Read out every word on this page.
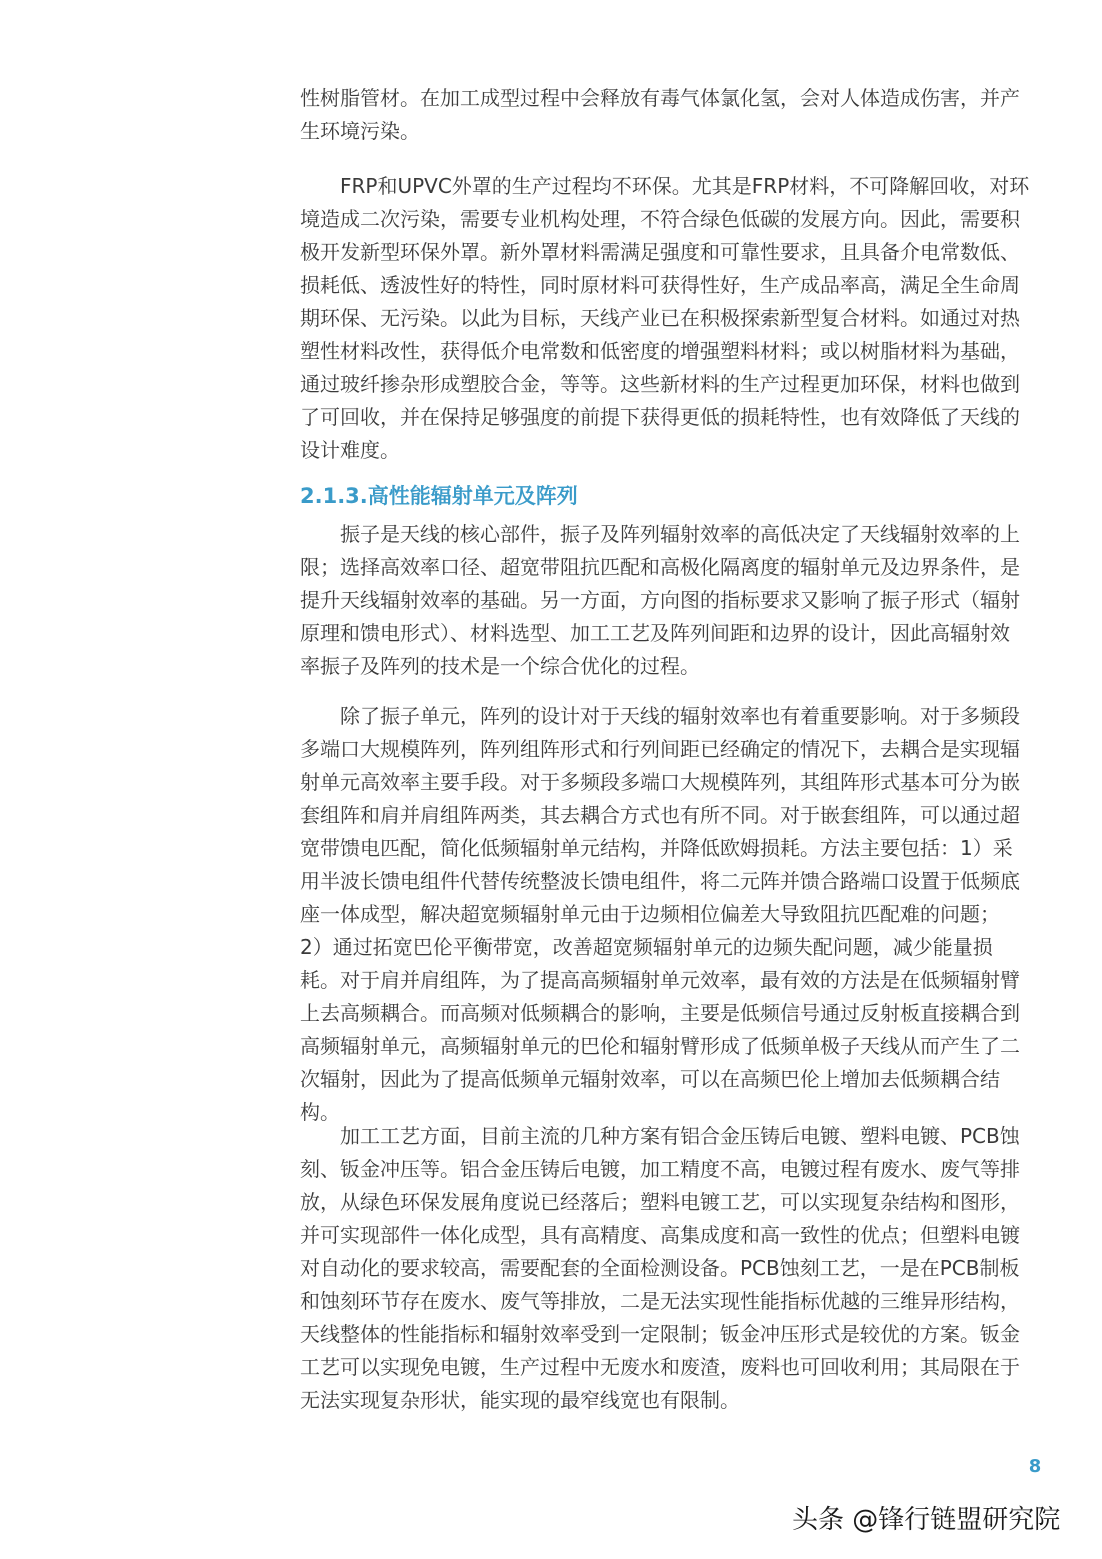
性树脂管材。在加工成型过程中会释放有毒气体氯化氢，会对人体造成伤害，并产
生环境污染。
FRP和UPVC外罩的生产过程均不环保。尤其是FRP材料，不可降解回收，对环
境造成二次污染，需要专业机构处理，不符合绿色低碳的发展方向。因此，需要积
极开发新型环保外罩。新外罩材料需满足强度和可靠性要求，且具备介电常数低、
损耗低、透波性好的特性，同时原材料可获得性好，生产成品率高，满足全生命周
期环保、无污染。以此为目标，天线产业已在积极探索新型复合材料。如通过对热
塑性材料改性，获得低介电常数和低密度的增强塑料材料；或以树脂材料为基础，
通过玻纤掺杂形成塑胶合金，等等。这些新材料的生产过程更加环保，材料也做到
了可回收，并在保持足够强度的前提下获得更低的损耗特性，也有效降低了天线的
设计难度。
2.1.3.高性能辐射单元及阵列
振子是天线的核心部件，振子及阵列辐射效率的高低决定了天线辐射效率的上
限；选择高效率口径、超宽带阻抗匹配和高极化隔离度的辐射单元及边界条件，是
提升天线辐射效率的基础。另一方面，方向图的指标要求又影响了振子形式（辐射
原理和馈电形式）、材料选型、加工工艺及阵列间距和边界的设计，因此高辐射效
率振子及阵列的技术是一个综合优化的过程。
除了振子单元，阵列的设计对于天线的辐射效率也有着重要影响。对于多频段
多端口大规模阵列，阵列组阵形式和行列间距已经确定的情况下，去耦合是实现辐
射单元高效率主要手段。对于多频段多端口大规模阵列，其组阵形式基本可分为嵌
套组阵和肩并肩组阵两类，其去耦合方式也有所不同。对于嵌套组阵，可以通过超
宽带馈电匹配，简化低频辐射单元结构，并降低欧姆损耗。方法主要包括：1）采
用半波长馈电组件代替传统整波长馈电组件，将二元阵并馈合路端口设置于低频底
座一体成型，解决超宽频辐射单元由于边频相位偏差大导致阻抗匹配难的问题；
2）通过拓宽巴伦平衡带宽，改善超宽频辐射单元的边频失配问题，减少能量损
耗。对于肩并肩组阵，为了提高高频辐射单元效率，最有效的方法是在低频辐射臂
上去高频耦合。而高频对低频耦合的影响，主要是低频信号通过反射板直接耦合到
高频辐射单元，高频辐射单元的巴伦和辐射臂形成了低频单极子天线从而产生了二
次辐射，因此为了提高低频单元辐射效率，可以在高频巴伦上增加去低频耦合结
构。
加工工艺方面，目前主流的几种方案有铝合金压铸后电镀、塑料电镀、PCB蚀
刻、钣金冲压等。铝合金压铸后电镀，加工精度不高，电镀过程有废水、废气等排
放，从绿色环保发展角度说已经落后；塑料电镀工艺，可以实现复杂结构和图形，
并可实现部件一体化成型，具有高精度、高集成度和高一致性的优点；但塑料电镀
对自动化的要求较高，需要配套的全面检测设备。PCB蚀刻工艺，一是在PCB制板
和蚀刻环节存在废水、废气等排放，二是无法实现性能指标优越的三维异形结构，
天线整体的性能指标和辐射效率受到一定限制；钣金冲压形式是较优的方案。钣金
工艺可以实现免电镀，生产过程中无废水和废渣，废料也可回收利用；其局限在于
无法实现复杂形状，能实现的最窄线宽也有限制。
8
头条 @锋行链盟研究院
